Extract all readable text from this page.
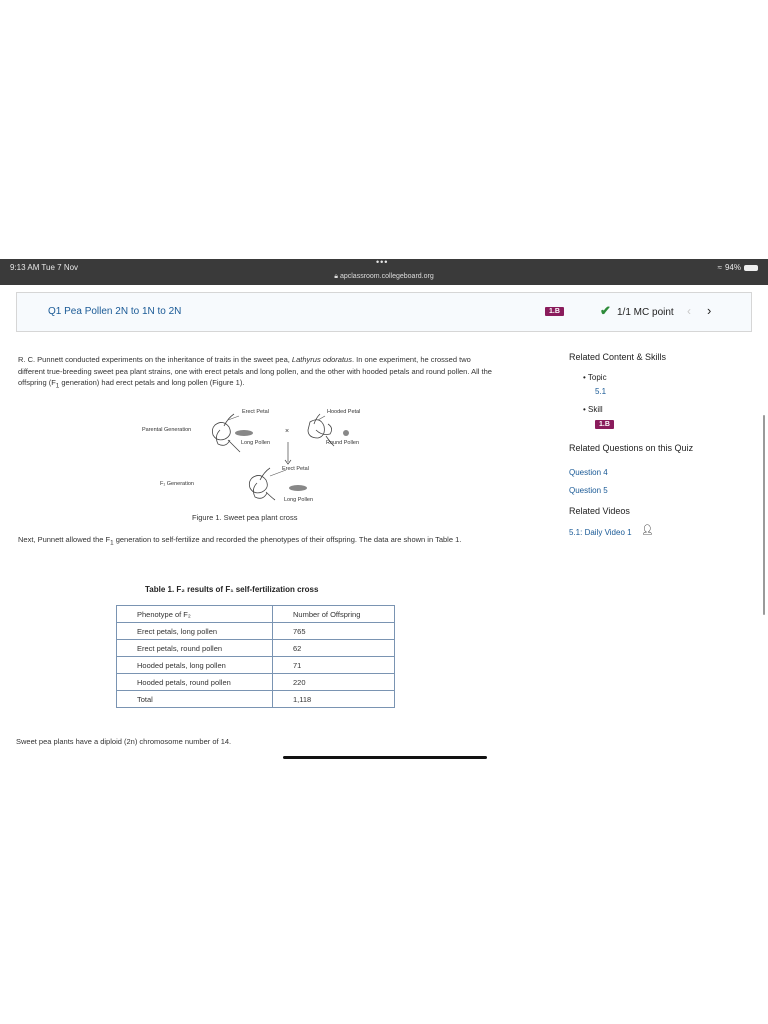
9:13 AM Tue 7 Nov
•••
🔒︎ apclassroom.collegeboard.org
≈ 94%
Q1 Pea Pollen 2N to 1N to 2N	1.B	✔ 1/1 MC point ‹ ›
R. C. Punnett conducted experiments on the inheritance of traits in the sweet pea, Lathyrus odoratus. In one experiment, he crossed two different true-breeding sweet pea plant strains, one with erect petals and long pollen, and the other with hooded petals and round pollen. All the offspring ($F_1$ generation) had erect petals and long pollen (Figure 1).
Erect Petal	Hooded Petal
Parental Generation	×
Long Pollen	Round Pollen
Erect Petal
F₁ Generation
Long Pollen
Figure 1. Sweet pea plant cross
Next, Punnett allowed the $F_1$ generation to self-fertilize and recorded the phenotypes of their offspring. The data are shown in Table 1.
Table 1. F₂ results of F₁ self-fertilization cross
Phenotype of F₂	Number of Offspring
Erect petals, long pollen	765
Erect petals, round pollen	62
Hooded petals, long pollen	71
Hooded petals, round pollen	220
Total	1,118
Sweet pea plants have a diploid (2n) chromosome number of 14.
Related Content & Skills
• Topic
5.1
• Skill
1.B
Related Questions on this Quiz
Question 4
Question 5
Related Videos
5.1: Daily Video 1 👤︎
